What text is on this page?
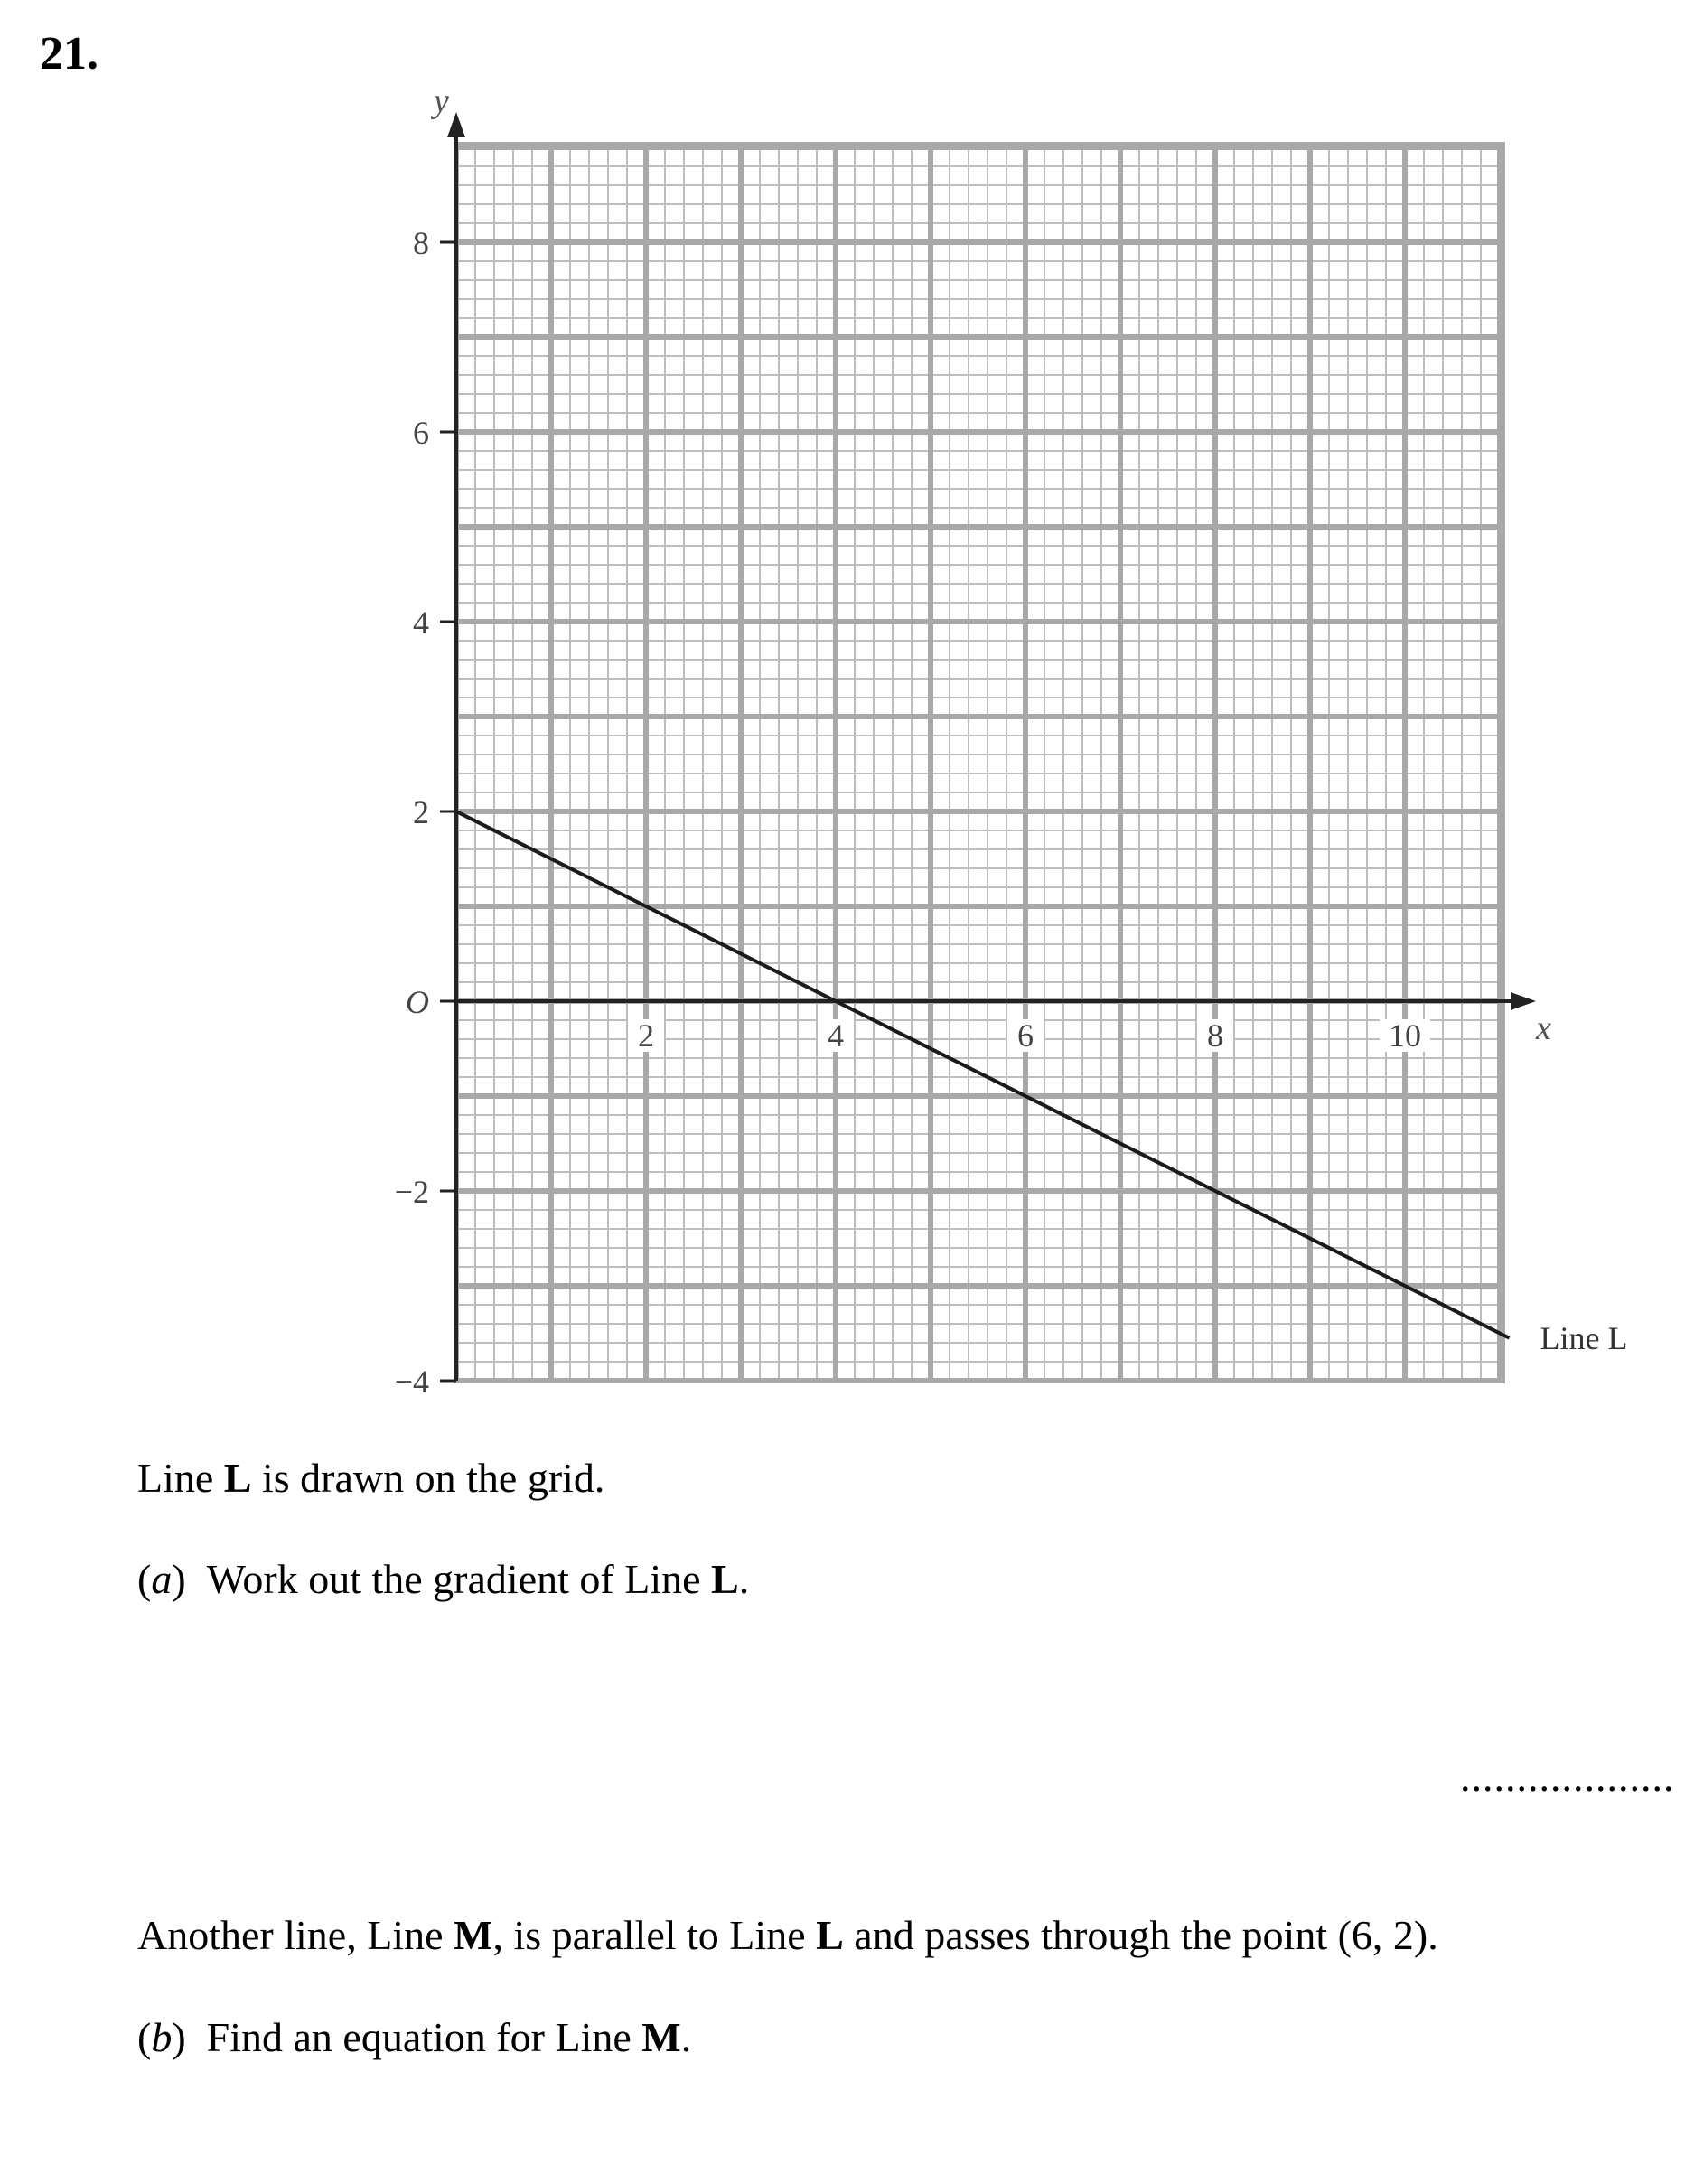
21.
y
x
−4
−2
O
2
4
6
8
2	4	6	8	10
Line L
Line L is drawn on the grid.
(a)  Work out the gradient of Line L.
...................
Another line, Line M, is parallel to Line L and passes through the point (6, 2).
(b)  Find an equation for Line M.
